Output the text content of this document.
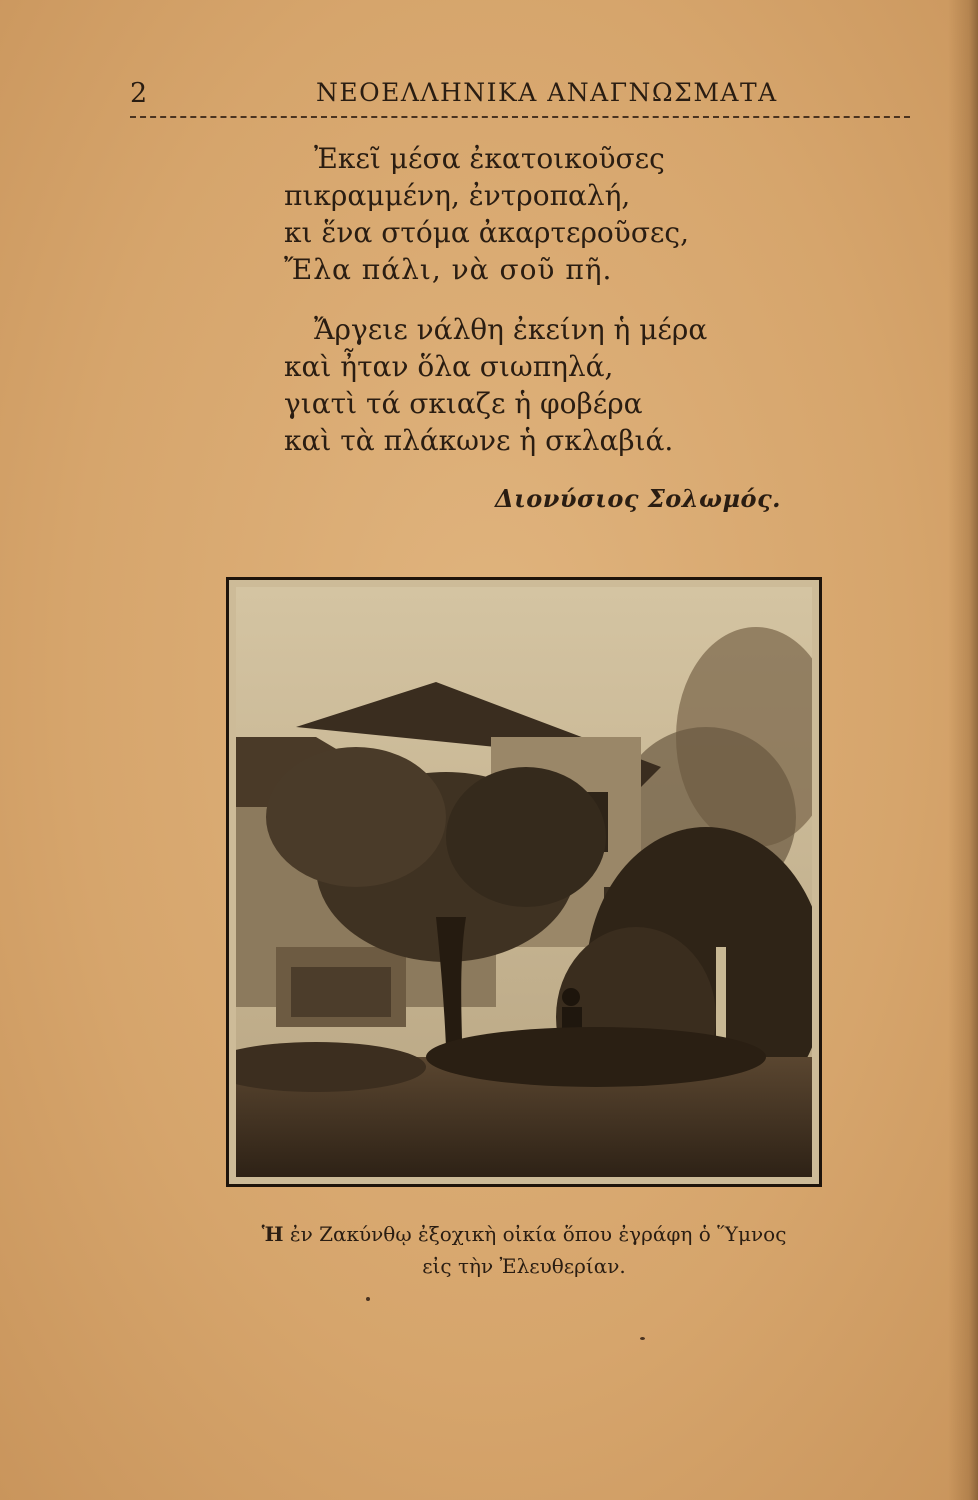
2	ΝΕΟΕΛΛΗΝΙΚΑ ΑΝΑΓΝΩΣΜΑΤΑ
Ἐκεῖ μέσα ἐκατοικοῦσες
πικραμμένη, ἐντροπαλή,
κι ἕνα στόμα ἀκαρτεροῦσες,
Ἔλα πάλι, νὰ σοῦ πῆ.
Ἄργειε νάλθη ἐκείνη ἡ μέρα
καὶ ἦταν ὅλα σιωπηλά,
γιατὶ τά σκιαζε ἡ φοβέρα
καὶ τὰ πλάκωνε ἡ σκλαβιά.
Διονύσιος Σολωμός.
Ἡ ἐν Ζακύνθῳ ἐξοχικὴ οἰκία ὅπου ἐγράφη ὁ Ὕμνος
εἰς τὴν Ἐλευθερίαν.
